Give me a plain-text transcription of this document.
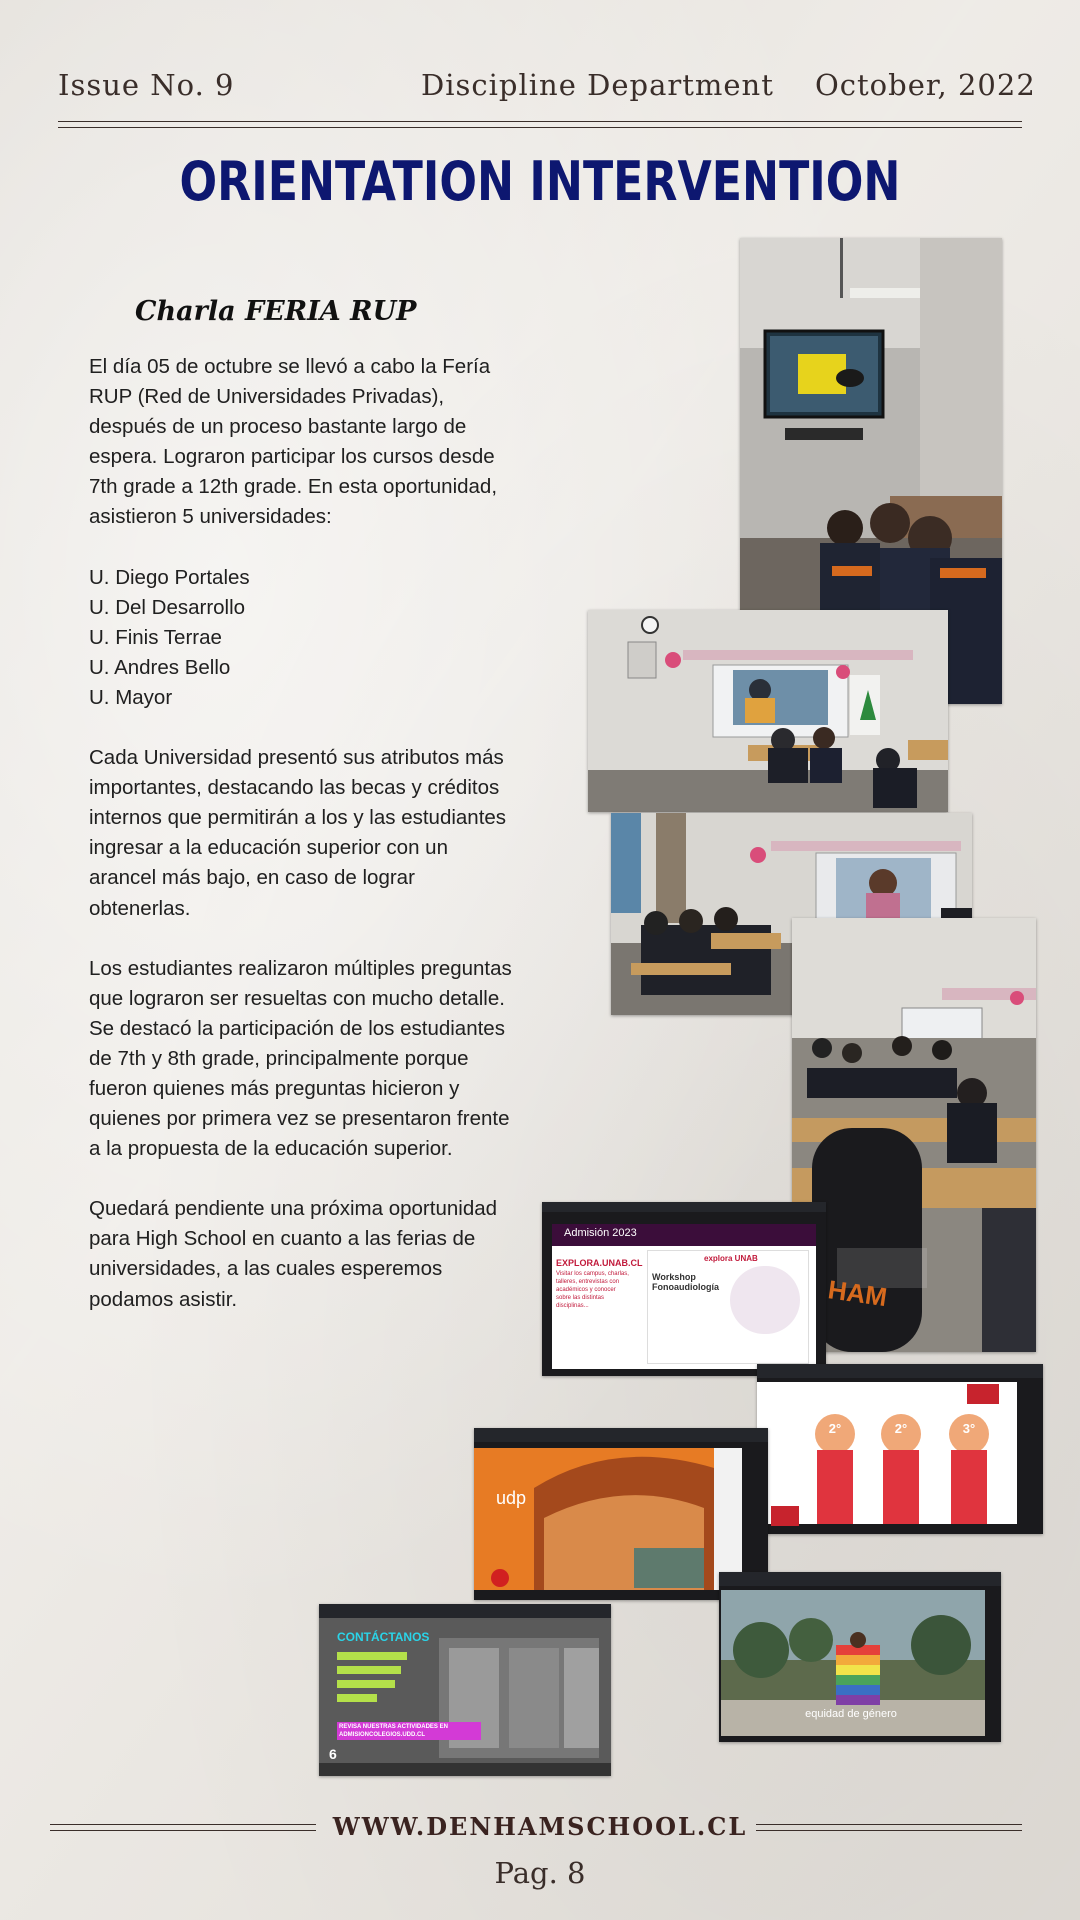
Issue No. 9	Discipline Department October, 2022
ORIENTATION INTERVENTION
Charla FERIA RUP

El día 05 de octubre se llevó a cabo la Fería RUP (Red de Universidades Privadas), después de un proceso bastante largo de espera. Lograron participar los cursos desde 7th grade a 12th grade. En esta oportunidad, asistieron 5 universidades:

U. Diego Portales
U. Del Desarrollo
U. Finis Terrae
U. Andres Bello
U. Mayor

Cada Universidad presentó sus atributos más importantes, destacando las becas y créditos internos que permitirán a los y las estudiantes ingresar a la educación superior con un arancel más bajo, en caso de lograr obtenerlas.

Los estudiantes realizaron múltiples preguntas que lograron ser resueltas con mucho detalle. Se destacó la participación de los estudiantes de 7th y 8th grade, principalmente porque fueron quienes más preguntas hicieron y quienes por primera vez se presentaron frente a la propuesta de la educación superior.

Quedará pendiente una próxima oportunidad para High School en cuanto a las ferias de universidades, a las cuales esperemos podamos asistir.	HAM
Admisión 2023
EXPLORA.UNAB.CL
Visitar los campus, charlas, talleres, entrevistas con académicos y conocer sobre las distintas disciplinas...
explora UNAB
Workshop Fonoaudiología
2°	2°	3°
udp
CONTÁCTANOS
REVISA NUESTRAS ACTIVIDADES EN ADMISIONCOLEGIOS.UDD.CL
6
equidad de género
WWW.DENHAMSCHOOL.CL
Pag. 8
